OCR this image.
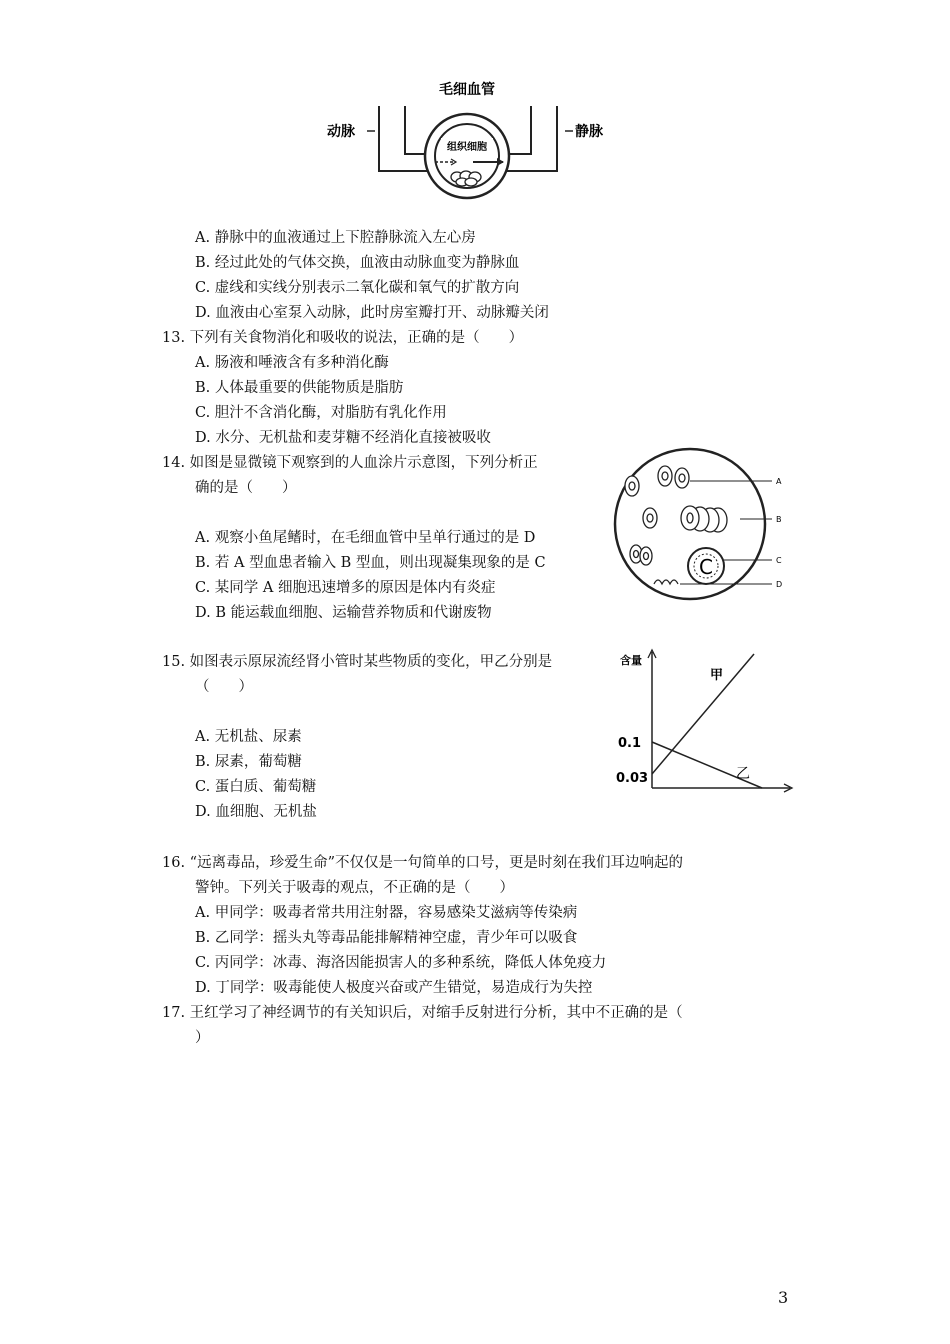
毛细血管
动脉	静脉
组织细胞
A. 静脉中的血液通过上下腔静脉流入左心房
B. 经过此处的气体交换，血液由动脉血变为静脉血
C. 虚线和实线分别表示二氧化碳和氧气的扩散方向
D. 血液由心室泵入动脉，此时房室瓣打开、动脉瓣关闭
13. 下列有关食物消化和吸收的说法，正确的是（　　）
A. 肠液和唾液含有多种消化酶
B. 人体最重要的供能物质是脂肪
C. 胆汁不含消化酶，对脂肪有乳化作用
D. 水分、无机盐和麦芽糖不经消化直接被吸收
14. 如图是显微镜下观察到的人血涂片示意图，下列分析正
确的是（　　）
A. 观察小鱼尾鳍时，在毛细血管中呈单行通过的是 D
B. 若 A 型血患者输入 B 型血，则出现凝集现象的是 C
C. 某同学 A 细胞迅速增多的原因是体内有炎症
D. B 能运载血细胞、运输营养物质和代谢废物
C
A
B
C
D
15. 如图表示原尿流经肾小管时某些物质的变化，甲乙分别是
（　　）
A. 无机盐、尿素
B. 尿素，葡萄糖
C. 蛋白质、葡萄糖
D. 血细胞、无机盐
含量
0.1
0.03
甲
乙
16. “远离毒品，珍爱生命”不仅仅是一句简单的口号，更是时刻在我们耳边响起的
警钟。下列关于吸毒的观点，不正确的是（　　）
A. 甲同学：吸毒者常共用注射器，容易感染艾滋病等传染病
B. 乙同学：摇头丸等毒品能排解精神空虚，青少年可以吸食
C. 丙同学：冰毒、海洛因能损害人的多种系统，降低人体免疫力
D. 丁同学：吸毒能使人极度兴奋或产生错觉，易造成行为失控
17. 王红学习了神经调节的有关知识后，对缩手反射进行分析，其中不正确的是（
）
3
